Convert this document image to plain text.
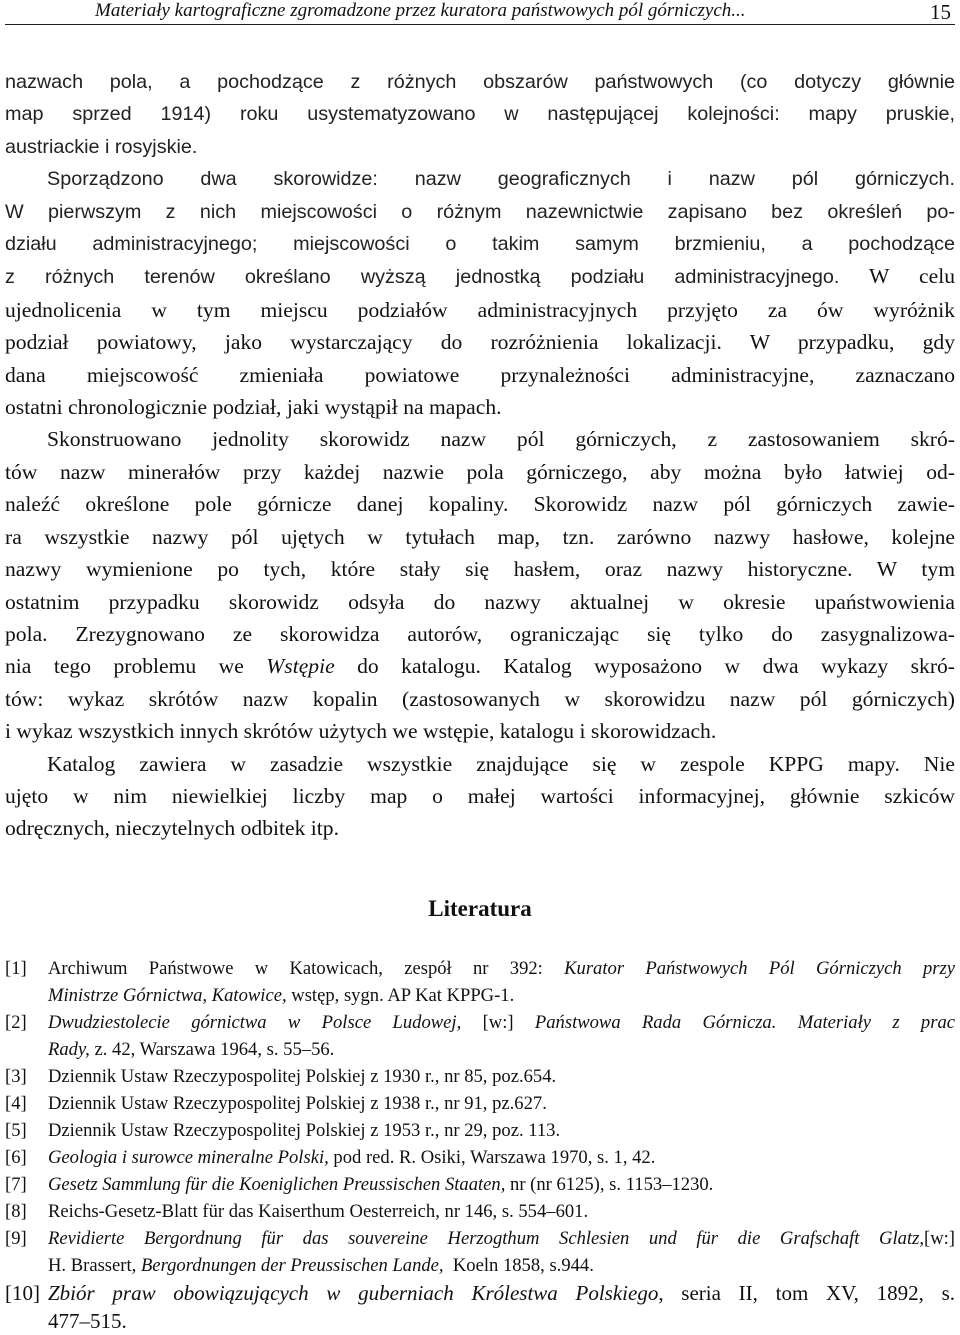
Materiały kartograficzne zgromadzone przez kuratora państwowych pól górniczych...	15

nazwach pola, a pochodzące z różnych obszarów państwowych (co dotyczy głównie
map sprzed 1914) roku usystematyzowano w następującej kolejności: mapy pruskie,
austriackie i rosyjskie.

Sporządzono dwa skorowidze: nazw geograficznych i nazw pól górniczych.
W pierwszym z nich miejscowości o różnym nazewnictwie zapisano bez określeń po-
działu administracyjnego; miejscowości o takim samym brzmieniu, a pochodzące
z różnych terenów określano wyższą jednostką podziału administracyjnego. W celu
ujednolicenia w tym miejscu podziałów administracyjnych przyjęto za ów wyróżnik
podział powiatowy, jako wystarczający do rozróżnienia lokalizacji. W przypadku, gdy
dana miejscowość zmieniała powiatowe przynależności administracyjne, zaznaczano
ostatni chronologicznie podział, jaki wystąpił na mapach.

Skonstruowano jednolity skorowidz nazw pól górniczych, z zastosowaniem skró-
tów nazw minerałów przy każdej nazwie pola górniczego, aby można było łatwiej od-
naleźć określone pole górnicze danej kopaliny. Skorowidz nazw pól górniczych zawie-
ra wszystkie nazwy pól ujętych w tytułach map, tzn. zarówno nazwy hasłowe, kolejne
nazwy wymienione po tych, które stały się hasłem, oraz nazwy historyczne. W tym
ostatnim przypadku skorowidz odsyła do nazwy aktualnej w okresie upaństwowienia
pola. Zrezygnowano ze skorowidza autorów, ograniczając się tylko do zasygnalizowa-
nia tego problemu we Wstępie do katalogu. Katalog wyposażono w dwa wykazy skró-
tów: wykaz skrótów nazw kopalin (zastosowanych w skorowidzu nazw pól górniczych)
i wykaz wszystkich innych skrótów użytych we wstępie, katalogu i skorowidzach.

Katalog zawiera w zasadzie wszystkie znajdujące się w zespole KPPG mapy. Nie
ujęto w nim niewielkiej liczby map o małej wartości informacyjnej, głównie szkiców
odręcznych, nieczytelnych odbitek itp.

Literatura
[1] Archiwum Państwowe w Katowicach, zespół nr 392: Kurator Państwowych Pól Górniczych przy
Ministrze Górnictwa, Katowice, wstęp, sygn. AP Kat KPPG-1.
[2] Dwudziestolecie górnictwa w Polsce Ludowej, [w:] Państwowa Rada Górnicza. Materiały z prac
Rady, z. 42, Warszawa 1964, s. 55–56.
[3] Dziennik Ustaw Rzeczypospolitej Polskiej z 1930 r., nr 85, poz.654.
[4] Dziennik Ustaw Rzeczypospolitej Polskiej z 1938 r., nr 91, pz.627.
[5] Dziennik Ustaw Rzeczypospolitej Polskiej z 1953 r., nr 29, poz. 113.
[6] Geologia i surowce mineralne Polski, pod red. R. Osiki, Warszawa 1970, s. 1, 42.
[7] Gesetz Sammlung für die Koeniglichen Preussischen Staaten, nr (nr 6125), s. 1153–1230.
[8] Reichs-Gesetz-Blatt für das Kaiserthum Oesterreich, nr 146, s. 554–601.
[9] Revidierte Bergordnung für das souvereine Herzogthum Schlesien und für die Grafschaft Glatz,[w:]
H. Brassert, Bergordnungen der Preussischen Lande,  Koeln 1858, s.944.
[10] Zbiór praw obowiązujących w guberniach Królestwa Polskiego, seria II, tom XV, 1892, s.
477–515.
